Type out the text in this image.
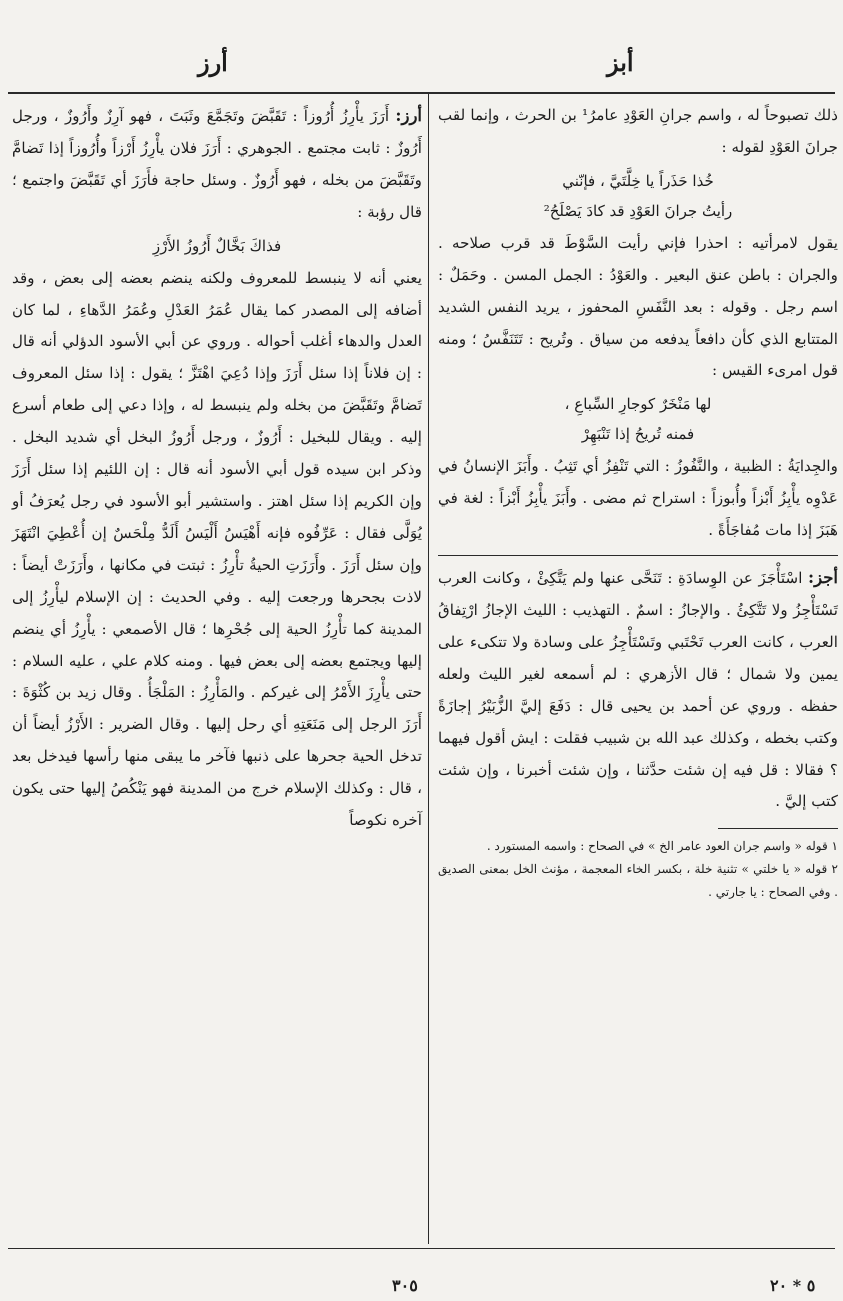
أرز	أبز

ذلك تصبوحاً له ، واسم جرانِ العَوْدِ عامرُ¹ بن الحرث ، وإنما لقب جرانَ العَوْدِ لقوله :

خُذا حَذَراً يا خِلَّتَيَّ ، فإنّني
رأيتُ جرانَ العَوْدِ قد كادَ يَصْلَحُ²

يقول لامرأتيه : احذرا فإني رأيت السَّوْطَ قد قرب صلاحه . والجران : باطن عنق البعير . والعَوْدُ : الجمل المسن . وحَمَلٌ : اسم رجل . وقوله : بعد النَّفَسِ المحفوز ، يريد النفس الشديد المتتابع الذي كأن دافعاً يدفعه من سياق . وتُريح : تَتَنَفَّسُ ؛ ومنه قول امرىء القيس :

لها مَنْخَرٌ كوجارِ السِّباعِ ،
فمنه تُريحُ إذا تَنْبَهِرْ

والجِدايَةُ : الظبية ، والنَّفُوزُ : التي تَنْفِزُ أي تَثِبُ . وأَبَزَ الإنسانُ في عَدْوِه يأْبِزُ أَبْزاً وأُبوزاً : استراح ثم مضى . وأَبَزَ يأْبِزُ أَبْزاً : لغة في هَبَزَ إذا مات مُفاجَأَةً .

أجز: اسْتَأْجَزَ عن الوِسادَةِ : تَنَحَّى عنها ولم يَتَّكِئْ ، وكانت العرب تَسْتَأْجِزُ ولا تَتَّكِئُ . والإجازُ : اسمٌ . التهذيب : الليث الإجازُ ارْتِفاقُ العرب ، كانت العرب تَحْتَبي وتَسْتَأْجِزُ على وسادة ولا تتكىء على يمين ولا شمال ؛ قال الأزهري : لم أسمعه لغير الليث ولعله حفظه . وروي عن أحمد بن يحيى قال : دَفَعَ إليَّ الزُّبَيْرُ إجازَةً وكتب بخطه ، وكذلك عبد الله بن شبيب فقلت : ايش أقول فيهما ؟ فقالا : قل فيه إن شئت حدَّثنا ، وإن شئت أخبرنا ، وإن شئت كتب إليَّ .

١ قوله « واسم جران العود عامر الخ » في الصحاح : واسمه المستورد .

٢ قوله « يا خلتي » تثنية خلة ، بكسر الخاء المعجمة ، مؤنث الخل بمعنى الصديق . وفي الصحاح : يا جارتي .

أرز: أَرَزَ يأْرِزُ أُرُوزاً : تَقَبَّضَ وتَجَمَّعَ وثَبَتَ ، فهو آرِزٌ وأَرُوزٌ ، ورجل أَرُوزٌ : ثابت مجتمع . الجوهري : أَرَزَ فلان يأْرِزُ أَرْزاً وأُرُوزاً إذا تَضامَّ وتَقَبَّضَ من بخله ، فهو أَرُوزٌ . وسئل حاجة فأَرَزَ أي تَقَبَّضَ واجتمع ؛ قال رؤبة :

فذاكَ بَخَّالٌ أَرُوزُ الأَرْزِ

يعني أنه لا ينبسط للمعروف ولكنه ينضم بعضه إلى بعض ، وقد أضافه إلى المصدر كما يقال عُمَرُ العَدْلِ وعُمَرُ الدَّهاءِ ، لما كان العدل والدهاء أغلب أحواله . وروي عن أبي الأسود الدؤلي أنه قال : إن فلاناً إذا سئل أَرَزَ وإذا دُعِيَ اهْتَزَّ ؛ يقول : إذا سئل المعروف تَضامَّ وتَقَبَّضَ من بخله ولم ينبسط له ، وإذا دعي إلى طعام أسرع إليه . ويقال للبخيل : أَرُوزٌ ، ورجل أَرُوزُ البخل أي شديد البخل . وذكر ابن سيده قول أبي الأسود أنه قال : إن اللئيم إذا سئل أَرَزَ وإن الكريم إذا سئل اهتز . واستشير أبو الأسود في رجل يُعرَفُ أو يُوَلَّى فقال : عَرِّفُوه فإنه أَهْيَسُ أَلْيَسُ أَلَدُّ مِلْحَسٌ إن أُعْطِيَ انْتَهَزَ وإن سئل أَرَزَ . وأَرَزَتِ الحيةُ تأْرِزُ : ثبتت في مكانها ، وأَرَزَتْ أيضاً : لاذت بجحرها ورجعت إليه . وفي الحديث : إن الإسلام ليأْرِزُ إلى المدينة كما تأْرِزُ الحية إلى جُحْرِها ؛ قال الأصمعي : يأْرِزُ أي ينضم إليها ويجتمع بعضه إلى بعض فيها . ومنه كلام علي ، عليه السلام : حتى يأْرِزَ الأَمْرُ إلى غيركم . والمَأْرِزُ : المَلْجَأُ . وقال زيد بن كُثْوَةَ : أَرَزَ الرجل إلى مَنَعَتِهِ أي رحل إليها . وقال الضرير : الأَرْزُ أيضاً أن تدخل الحية جحرها على ذنبها فآخر ما يبقى منها رأسها فيدخل بعد ، قال : وكذلك الإسلام خرج من المدينة فهو يَنْكُصُ إليها حتى يكون آخره نكوصاً

٣٠٥	٥ * ٢٠
